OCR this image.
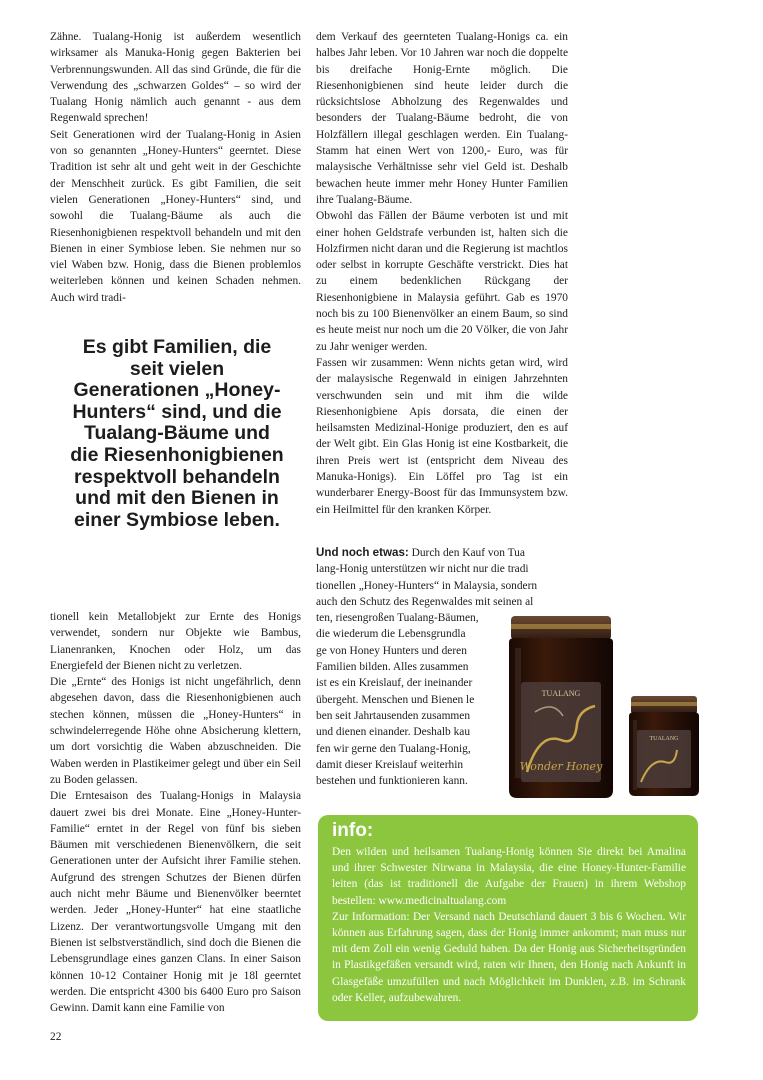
Zähne. Tualang-Honig ist außerdem wesentlich wirksamer als Manuka-Honig gegen Bakterien bei Verbrennungswunden. All das sind Gründe, die für die Verwendung des „schwarzen Goldes“ – so wird der Tualang Honig nämlich auch genannt - aus dem Regenwald sprechen!

Seit Generationen wird der Tualang-Honig in Asien von so genannten „Honey-Hunters“ geerntet. Diese Tradition ist sehr alt und geht weit in der Geschichte der Menschheit zurück. Es gibt Familien, die seit vielen Generationen „Honey-Hunters“ sind, und sowohl die Tualang-Bäume als auch die Riesenhonigbienen respektvoll behandeln und mit den Bienen in einer Symbiose leben. Sie nehmen nur so viel Waben bzw. Honig, dass die Bienen problemlos weiterleben können und keinen Schaden nehmen. Auch wird tradi-

Es gibt Familien, die seit vielen Generationen „Honey-Hunters“ sind, und die Tualang-Bäume und die Riesenhonigbienen respektvoll behandeln und mit den Bienen in einer Symbiose leben.

tionell kein Metallobjekt zur Ernte des Honigs verwendet, sondern nur Objekte wie Bambus, Lianenranken, Knochen oder Holz, um das Energiefeld der Bienen nicht zu verletzen.

Die „Ernte“ des Honigs ist nicht ungefährlich, denn abgesehen davon, dass die Riesenhonigbienen auch stechen können, müssen die „Honey-Hunters“ in schwindelerregende Höhe ohne Absicherung klettern, um dort vorsichtig die Waben abzuschneiden. Die Waben werden in Plastikeimer gelegt und über ein Seil zu Boden gelassen.

Die Erntesaison des Tualang-Honigs in Malaysia dauert zwei bis drei Monate. Eine „Honey-Hunter-Familie“ erntet in der Regel von fünf bis sieben Bäumen mit verschiedenen Bienenvölkern, die seit Generationen unter der Aufsicht ihrer Familie stehen. Aufgrund des strengen Schutzes der Bienen dürfen auch nicht mehr Bäume und Bienenvölker beerntet werden. Jeder „Honey-Hunter“ hat eine staatliche Lizenz. Der verantwortungsvolle Umgang mit den Bienen ist selbstverständlich, sind doch die Bienen die Lebensgrundlage eines ganzen Clans. In einer Saison können 10-12 Container Honig mit je 18l geerntet werden. Die entspricht 4300 bis 6400 Euro pro Saison Gewinn. Damit kann eine Familie von

dem Verkauf des geernteten Tualang-Honigs ca. ein halbes Jahr leben. Vor 10 Jahren war noch die doppelte bis dreifache Honig-Ernte möglich. Die Riesenhonigbienen sind heute leider durch die rücksichtslose Abholzung des Regenwaldes und besonders der Tualang-Bäume bedroht, die von Holzfällern illegal geschlagen werden. Ein Tualang-Stamm hat einen Wert von 1200,- Euro, was für malaysische Verhältnisse sehr viel Geld ist. Deshalb bewachen heute immer mehr Honey Hunter Familien ihre Tualang-Bäume.

Obwohl das Fällen der Bäume verboten ist und mit einer hohen Geldstrafe verbunden ist, halten sich die Holzfirmen nicht daran und die Regierung ist machtlos oder selbst in korrupte Geschäfte verstrickt. Dies hat zu einem bedenklichen Rückgang der Riesenhonigbiene in Malaysia geführt. Gab es 1970 noch bis zu 100 Bienenvölker an einem Baum, so sind es heute meist nur noch um die 20 Völker, die von Jahr zu Jahr weniger werden.

Fassen wir zusammen: Wenn nichts getan wird, wird der malaysische Regenwald in einigen Jahrzehnten verschwunden sein und mit ihm die wilde Riesenhonigbiene Apis dorsata, die einen der heilsamsten Medizinal-Honige produziert, den es auf der Welt gibt. Ein Glas Honig ist eine Kostbarkeit, die ihren Preis wert ist (entspricht dem Niveau des Manuka-Honigs). Ein Löffel pro Tag ist ein wunderbarer Energy-Boost für das Immunsystem bzw. ein Heilmittel für den kranken Körper.

Und noch etwas: Durch den Kauf von Tua
lang-Honig unterstützen wir nicht nur die tradi
tionellen „Honey-Hunters“ in Malaysia, sondern
auch den Schutz des Regenwaldes mit seinen al
ten, riesengroßen Tualang-Bäumen,
die wiederum die Lebensgrundla
ge von Honey Hunters und deren
Familien bilden. Alles zusammen
ist es ein Kreislauf, der ineinander
übergeht. Menschen und Bienen le
ben seit Jahrtausenden zusammen
und dienen einander. Deshalb kau
fen wir gerne den Tualang-Honig,
damit dieser Kreislauf weiterhin
bestehen und funktionieren kann.
TUALANG
Wonder Honey
TUALANG
info:

Den wilden und heilsamen Tualang-Honig können Sie direkt bei Amalina und ihrer Schwester Nirwana in Malaysia, die eine Honey-Hunter-Familie leiten (das ist traditionell die Aufgabe der Frauen) in ihrem Webshop bestellen: www.medicinaltualang.com

Zur Information: Der Versand nach Deutschland dauert 3 bis 6 Wochen. Wir können aus Erfahrung sagen, dass der Honig immer ankommt; man muss nur mit dem Zoll ein wenig Geduld haben. Da der Honig aus Sicherheitsgründen in Plastikgefäßen versandt wird, raten wir Ihnen, den Honig nach Ankunft in Glasgefäße umzufüllen und nach Möglichkeit im Dunklen, z.B. im Schrank oder Keller, aufzubewahren.

22
